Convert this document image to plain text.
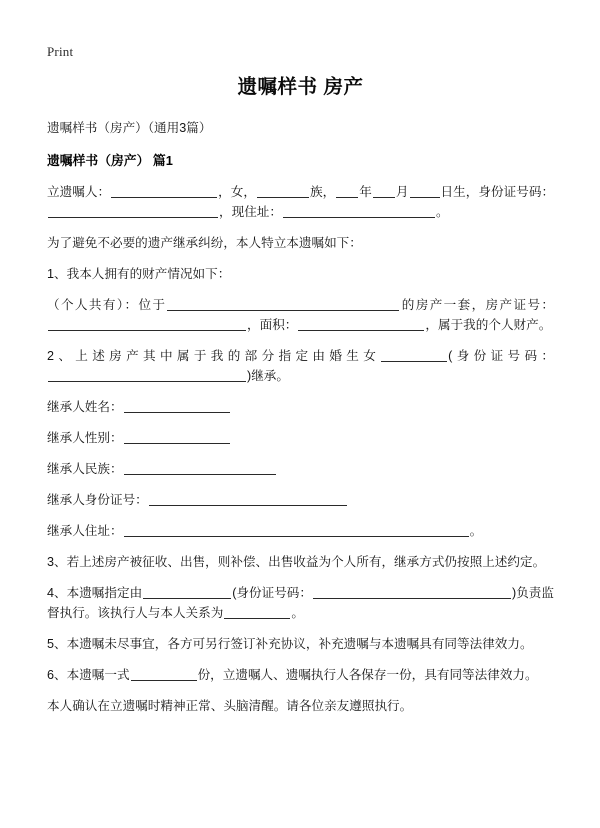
Print
遗嘱样书 房产

遗嘱样书（房产）（通用3篇）

遗嘱样书（房产） 篇1

立遗嘱人：	，女，	族， 年 月	日生，身份证号码：，现住址：	。

为了避免不必要的遗产继承纠纷，本人特立本遗嘱如下：

1、我本人拥有的财产情况如下：

（个人共有）：位于	的房产一套，房产证号：，面积：	，属于我的个人财产。

2、上述房产其中属于我的部分指定由婚生女	(身份证号码：)继承。

继承人姓名：
继承人性别：
继承人民族：
继承人身份证号：
继承人住址：	。

3、若上述房产被征收、出售，则补偿、出售收益为个人所有，继承方式仍按照上述约定。

4、本遗嘱指定由	(身份证号码：	)负责监督执行。该执行人与本人关系为	。

5、本遗嘱未尽事宜，各方可另行签订补充协议，补充遗嘱与本遗嘱具有同等法律效力。

6、本遗嘱一式	份，立遗嘱人、遗嘱执行人各保存一份，具有同等法律效力。

本人确认在立遗嘱时精神正常、头脑清醒。请各位亲友遵照执行。
